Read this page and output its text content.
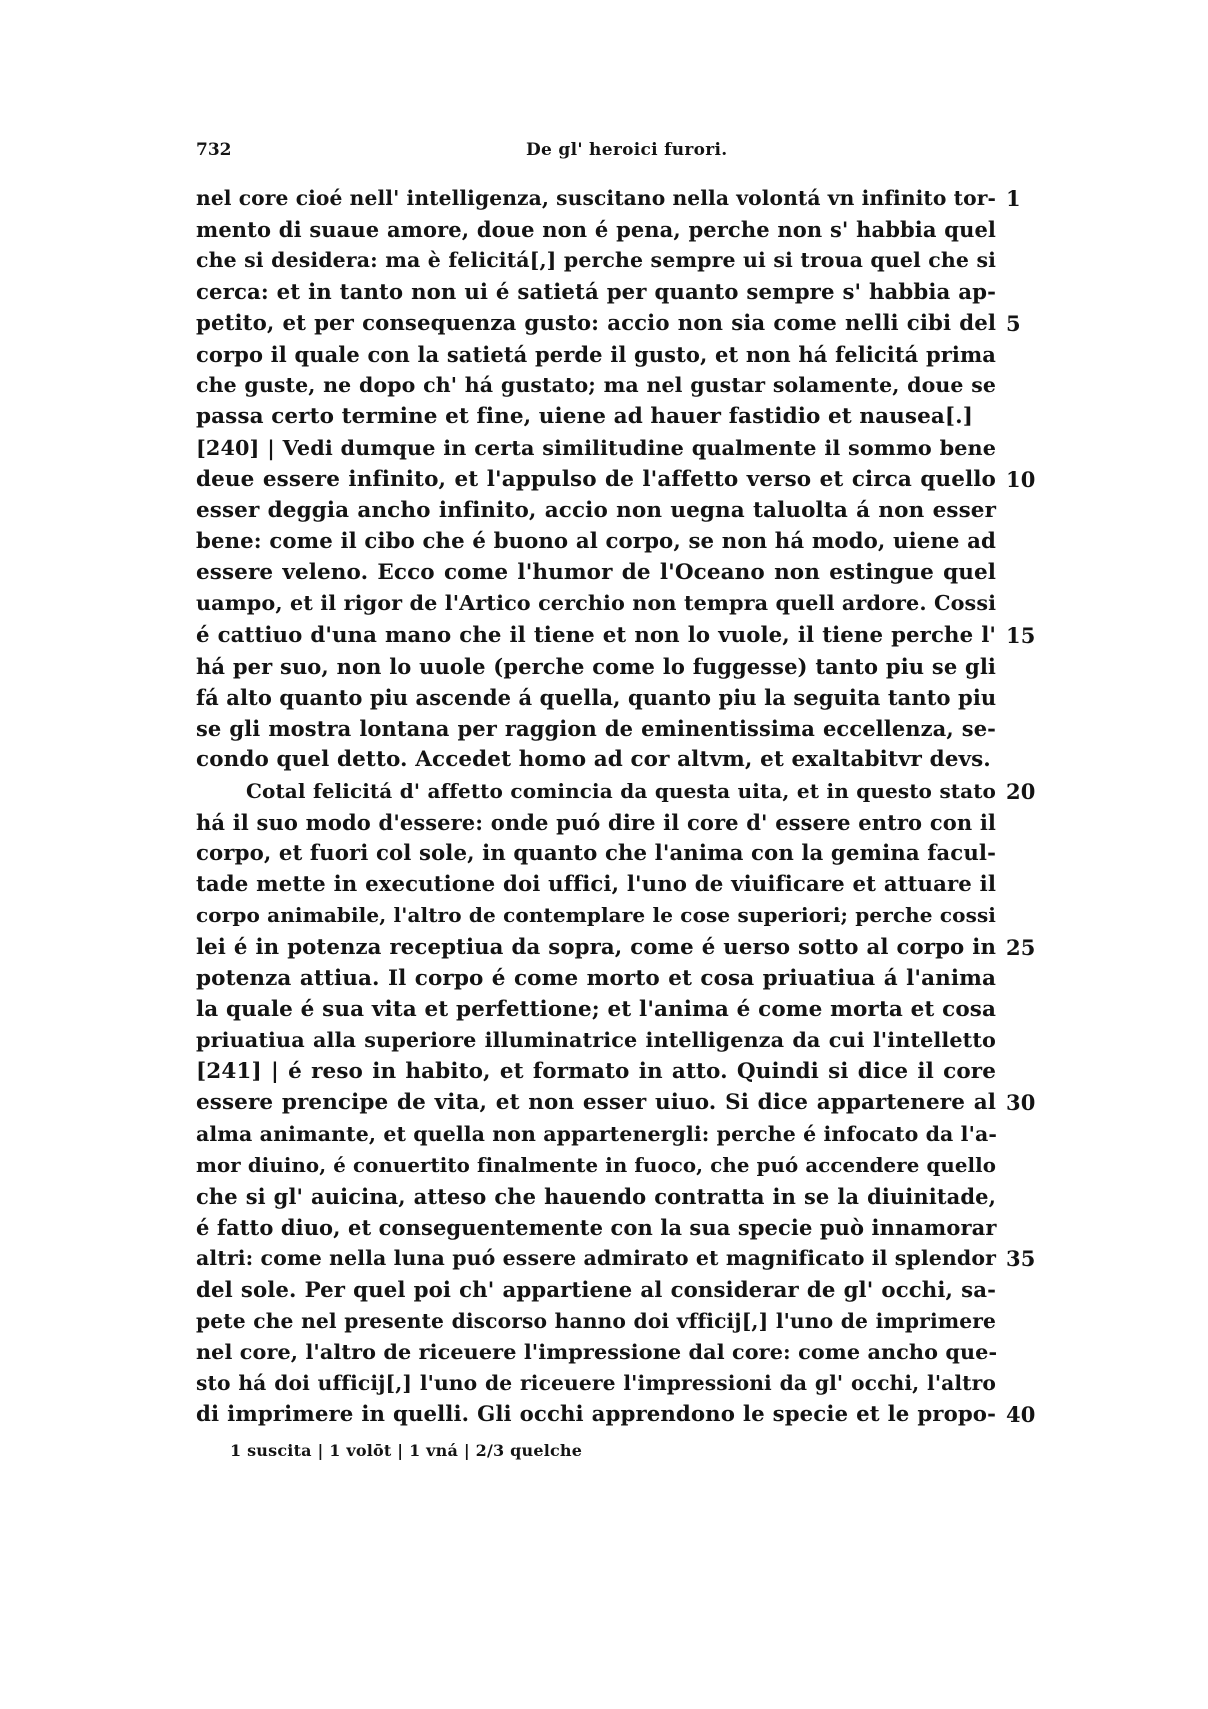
732	De gl' heroici furori.
nel core cioé nell' intelligenza, suscitano nella volontá vn infinito tor- 1
mento di suaue amore, doue non é pena, perche non s' habbia quel
che si desidera: ma è felicitá[,] perche sempre ui si troua quel che si
cerca: et in tanto non ui é satietá per quanto sempre s' habbia ap-
petito, et per consequenza gusto: accio non sia come nelli cibi del 5
corpo il quale con la satietá perde il gusto, et non há felicitá prima
che guste, ne dopo ch' há gustato; ma nel gustar solamente, doue se
passa certo termine et fine, uiene ad hauer fastidio et nausea[.]
[240] | Vedi dumque in certa similitudine qualmente il sommo bene
deue essere infinito, et l'appulso de l'affetto verso et circa quello 10
esser deggia ancho infinito, accio non uegna taluolta á non esser
bene: come il cibo che é buono al corpo, se non há modo, uiene ad
essere veleno. Ecco come l'humor de l'Oceano non estingue quel
uampo, et il rigor de l'Artico cerchio non tempra quell ardore. Cossi
é cattiuo d'una mano che il tiene et non lo vuole, il tiene perche l' 15
há per suo, non lo uuole (perche come lo fuggesse) tanto piu se gli
fá alto quanto piu ascende á quella, quanto piu la seguita tanto piu
se gli mostra lontana per raggion de eminentissima eccellenza, se-
condo quel detto. Accedet homo ad cor altvm, et exaltabitvr devs.
Cotal felicitá d' affetto comincia da questa uita, et in questo stato 20
há il suo modo d'essere: onde puó dire il core d' essere entro con il
corpo, et fuori col sole, in quanto che l'anima con la gemina facul-
tade mette in executione doi uffici, l'uno de viuificare et attuare il
corpo animabile, l'altro de contemplare le cose superiori; perche cossi
lei é in potenza receptiua da sopra, come é uerso sotto al corpo in 25
potenza attiua. Il corpo é come morto et cosa priuatiua á l'anima
la quale é sua vita et perfettione; et l'anima é come morta et cosa
priuatiua alla superiore illuminatrice intelligenza da cui l'intelletto
[241] | é reso in habito, et formato in atto. Quindi si dice il core
essere prencipe de vita, et non esser uiuo. Si dice appartenere al 30
alma animante, et quella non appartenergli: perche é infocato da l'a-
mor diuino, é conuertito finalmente in fuoco, che puó accendere quello
che si gl' auicina, atteso che hauendo contratta in se la diuinitade,
é fatto diuo, et conseguentemente con la sua specie può innamorar
altri: come nella luna puó essere admirato et magnificato il splendor 35
del sole. Per quel poi ch' appartiene al considerar de gl' occhi, sa-
pete che nel presente discorso hanno doi vfficij[,] l'uno de imprimere
nel core, l'altro de riceuere l'impressione dal core: come ancho que-
sto há doi ufficij[,] l'uno de riceuere l'impressioni da gl' occhi, l'altro
di imprimere in quelli. Gli occhi apprendono le specie et le propo- 40
1 suscita | 1 volōt | 1 vná | 2/3 quelche
